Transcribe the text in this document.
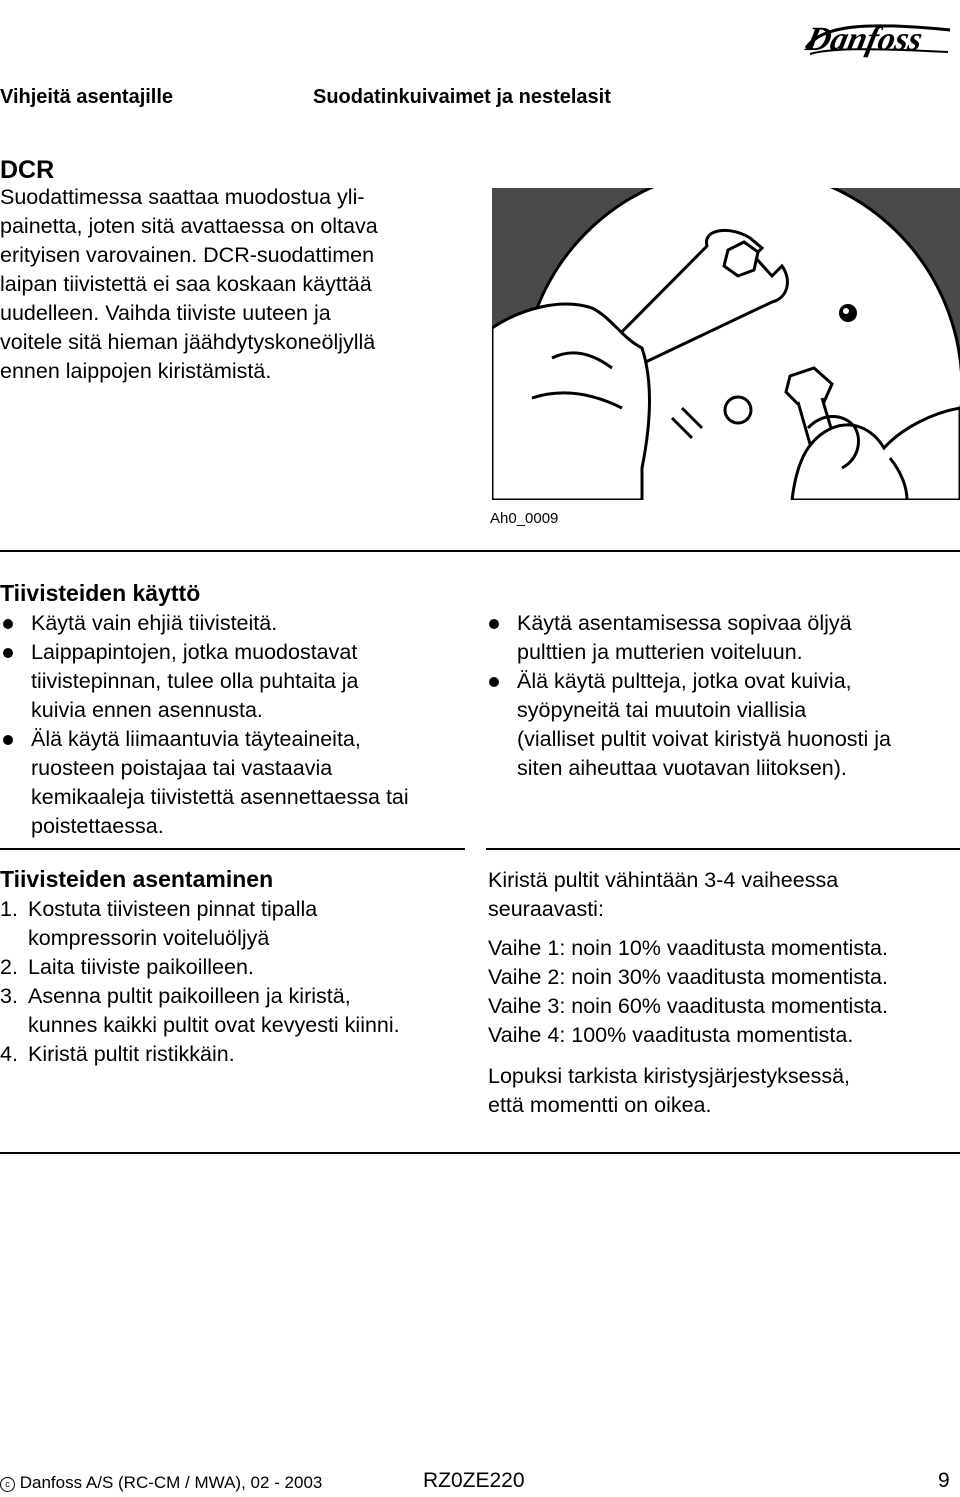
Danfoss
Vihjeitä asentajille	Suodatinkuivaimet ja nestelasit
DCR
Suodattimessa saattaa muodostua yli-
painetta, joten sitä avattaessa on oltava
erityisen varovainen. DCR-suodattimen
laipan tiivistettä ei saa koskaan käyttää
uudelleen. Vaihda tiiviste uuteen ja
voitele sitä hieman jäähdytyskoneöljyllä
ennen laippojen kiristämistä.
Ah0_0009
Tiivisteiden käyttö
Käytä vain ehjiä tiivisteitä.
Laippapintojen, jotka muodostavat
tiivistepinnan, tulee olla puhtaita ja
kuivia ennen asennusta.
Älä käytä liimaantuvia täyteaineita,
ruosteen poistajaa tai vastaavia
kemikaaleja tiivistettä asennettaessa tai
poistettaessa.
Käytä asentamisessa sopivaa öljyä
pulttien ja mutterien voiteluun.
Älä käytä pultteja, jotka ovat kuivia,
syöpyneitä tai muutoin viallisia
(vialliset pultit voivat kiristyä huonosti ja
siten aiheuttaa vuotavan liitoksen).
Tiivisteiden asentaminen
1. Kostuta tiivisteen pinnat tipalla
kompressorin voiteluöljyä
2. Laita tiiviste paikoilleen.
3. Asenna pultit paikoilleen ja kiristä,
kunnes kaikki pultit ovat kevyesti kiinni.
4. Kiristä pultit ristikkäin.
Kiristä pultit vähintään 3-4 vaiheessa
seuraavasti:
Vaihe 1: noin 10% vaaditusta momentista.
Vaihe 2: noin 30% vaaditusta momentista.
Vaihe 3: noin 60% vaaditusta momentista.
Vaihe 4: 100% vaaditusta momentista.
Lopuksi tarkista kiristysjärjestyksessä,
että momentti on oikea.
c Danfoss A/S (RC-CM / MWA), 02 - 2003	RZ0ZE220	9
